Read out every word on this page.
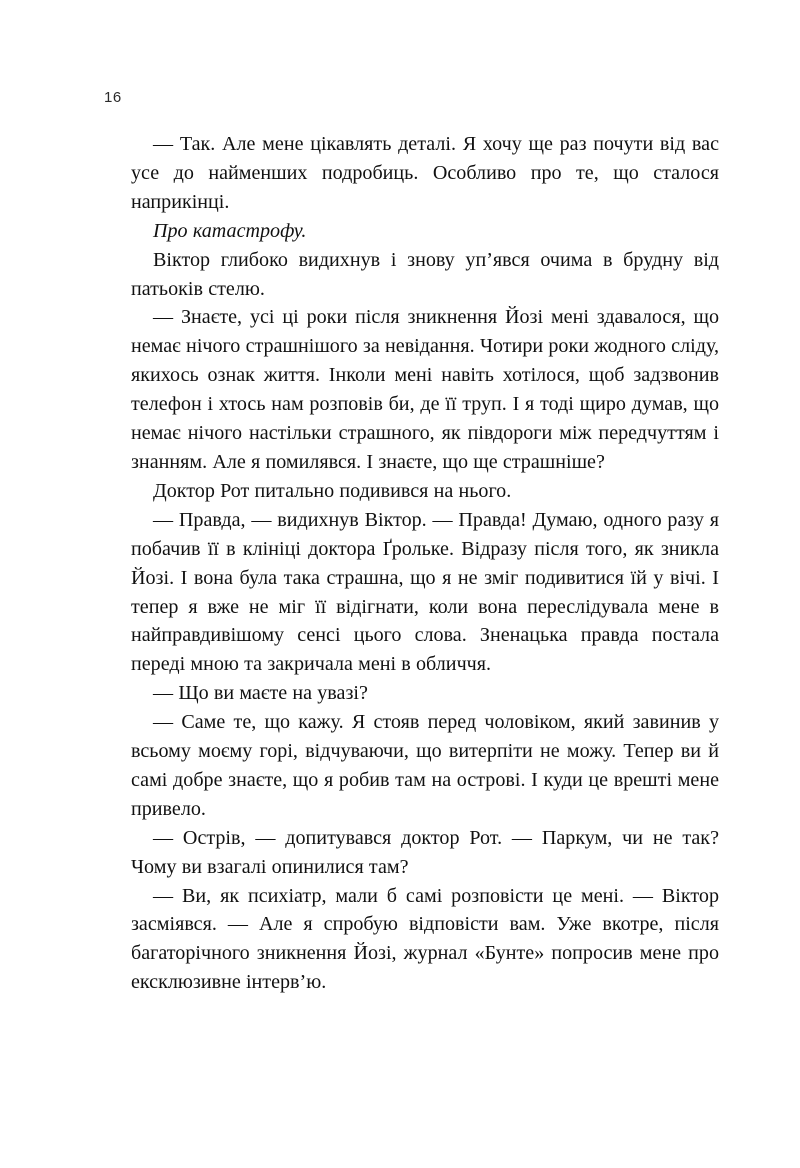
16

— Так. Але мене цікавлять деталі. Я хочу ще раз почути від вас усе до найменших подробиць. Особливо про те, що сталося наприкінці.

Про катастрофу.

Віктор глибоко видихнув і знову уп’явся очима в брудну від патьоків стелю.

— Знаєте, усі ці роки після зникнення Йозі мені здавалося, що немає нічого страшнішого за невідання. Чотири роки жодного сліду, якихось ознак життя. Інколи мені навіть хотілося, щоб задзвонив телефон і хтось нам розповів би, де її труп. І я тоді щиро думав, що немає нічого настільки страшного, як півдороги між передчуттям і знанням. Але я помилявся. І знаєте, що ще страшніше?

Доктор Рот питально подивився на нього.

— Правда, — видихнув Віктор. — Правда! Думаю, одного разу я побачив її в клініці доктора Ґрольке. Відразу після того, як зникла Йозі. І вона була така страшна, що я не зміг подивитися їй у вічі. І тепер я вже не міг її відігнати, коли вона переслідувала мене в найправдивішому сенсі цього слова. Зненацька правда постала переді мною та закричала мені в обличчя.

— Що ви маєте на увазі?

— Саме те, що кажу. Я стояв перед чоловіком, який завинив у всьому моєму горі, відчуваючи, що витерпіти не можу. Тепер ви й самі добре знаєте, що я робив там на острові. І куди це врешті мене привело.

— Острів, — допитувався доктор Рот. — Паркум, чи не так? Чому ви взагалі опинилися там?

— Ви, як психіатр, мали б самі розповісти це мені. — Віктор засміявся. — Але я спробую відповісти вам. Уже вкотре, після багаторічного зникнення Йозі, журнал «Бунте» попросив мене про ексклюзивне інтерв’ю.
